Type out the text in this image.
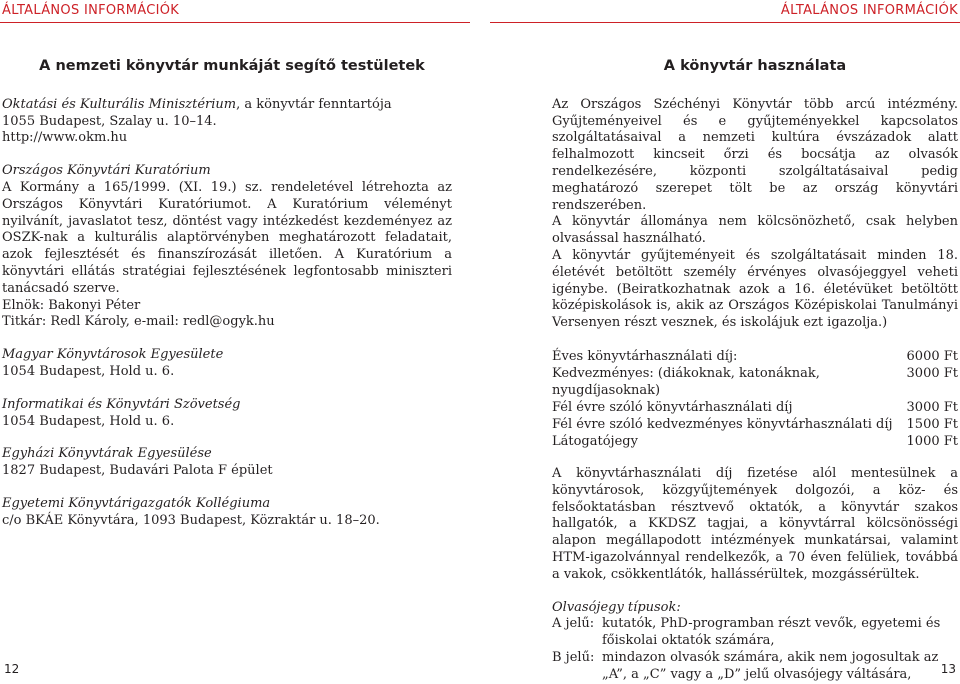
ÁLTALÁNOS INFORMÁCIÓK	ÁLTALÁNOS INFORMÁCIÓK
A nemzeti könyvtár munkáját segítő testületek

Oktatási és Kulturális Minisztérium, a könyvtár fenntartója

1055 Budapest, Szalay u. 10–14.

http://www.okm.hu

Országos Könyvtári Kuratórium

A Kormány a 165/1999. (XI. 19.) sz. rendeletével létrehozta az Országos Könyvtári Kuratóriumot. A Kuratórium véleményt nyilvánít, javaslatot tesz, döntést vagy intézkedést kezdeményez az OSZK-nak a kulturális alaptörvényben meghatározott feladatait, azok fejlesztését és finanszírozását illetően. A Kuratórium a könyvtári ellátás stratégiai fejlesztésének legfontosabb miniszteri tanácsadó szerve.

Elnök: Bakonyi Péter

Titkár: Redl Károly, e-mail: redl@ogyk.hu

Magyar Könyvtárosok Egyesülete

1054 Budapest, Hold u. 6.

Informatikai és Könyvtári Szövetség

1054 Budapest, Hold u. 6.

Egyházi Könyvtárak Egyesülése

1827 Budapest, Budavári Palota F épület

Egyetemi Könyvtárigazgatók Kollégiuma

c/o BKÁE Könyvtára, 1093 Budapest, Közraktár u. 18–20.

A könyvtár használata

Az Országos Széchényi Könyvtár több arcú intézmény. Gyűjteményeivel és e gyűjteményekkel kapcsolatos szolgáltatásaival a nemzeti kultúra évszázadok alatt felhalmozott kincseit őrzi és bocsátja az olvasók rendelkezésére, központi szolgáltatásaival pedig meghatározó szerepet tölt be az ország könyvtári rendszerében.

A könyvtár állománya nem kölcsönözhető, csak helyben olvasással használható.

A könyvtár gyűjteményeit és szolgáltatásait minden 18. életévét betöltött személy érvényes olvasójeggyel veheti igénybe. (Beiratkozhatnak azok a 16. életévüket betöltött középiskolások is, akik az Országos Középiskolai Tanulmányi Versenyen részt vesznek, és iskolájuk ezt igazolja.)

Éves könyvtárhasználati díj:	6000 Ft
Kedvezményes: (diákoknak, katonáknak, nyugdíjasoknak)	3000 Ft
Fél évre szóló könyvtárhasználati díj	3000 Ft
Fél évre szóló kedvezményes könyvtárhasználati díj	1500 Ft
Látogatójegy	1000 Ft

A könyvtárhasználati díj fizetése alól mentesülnek a könyvtárosok, közgyűjtemények dolgozói, a köz- és felsőoktatásban résztvevő oktatók, a könyvtár szakos hallgatók, a KKDSZ tagjai, a könyvtárral kölcsönösségi alapon megállapodott intézmények munkatársai, valamint HTM-igazolvánnyal rendelkezők, a 70 éven felüliek, továbbá a vakok, csökkentlátók, hallássérültek, mozgássérültek.

Olvasójegy típusok:

A jelű: kutatók, PhD-programban részt vevők, egyetemi és főiskolai oktatók számára,
B jelű: mindazon olvasók számára, akik nem jogosultak az „A”, a „C” vagy a „D” jelű olvasójegy váltására,
12	13
